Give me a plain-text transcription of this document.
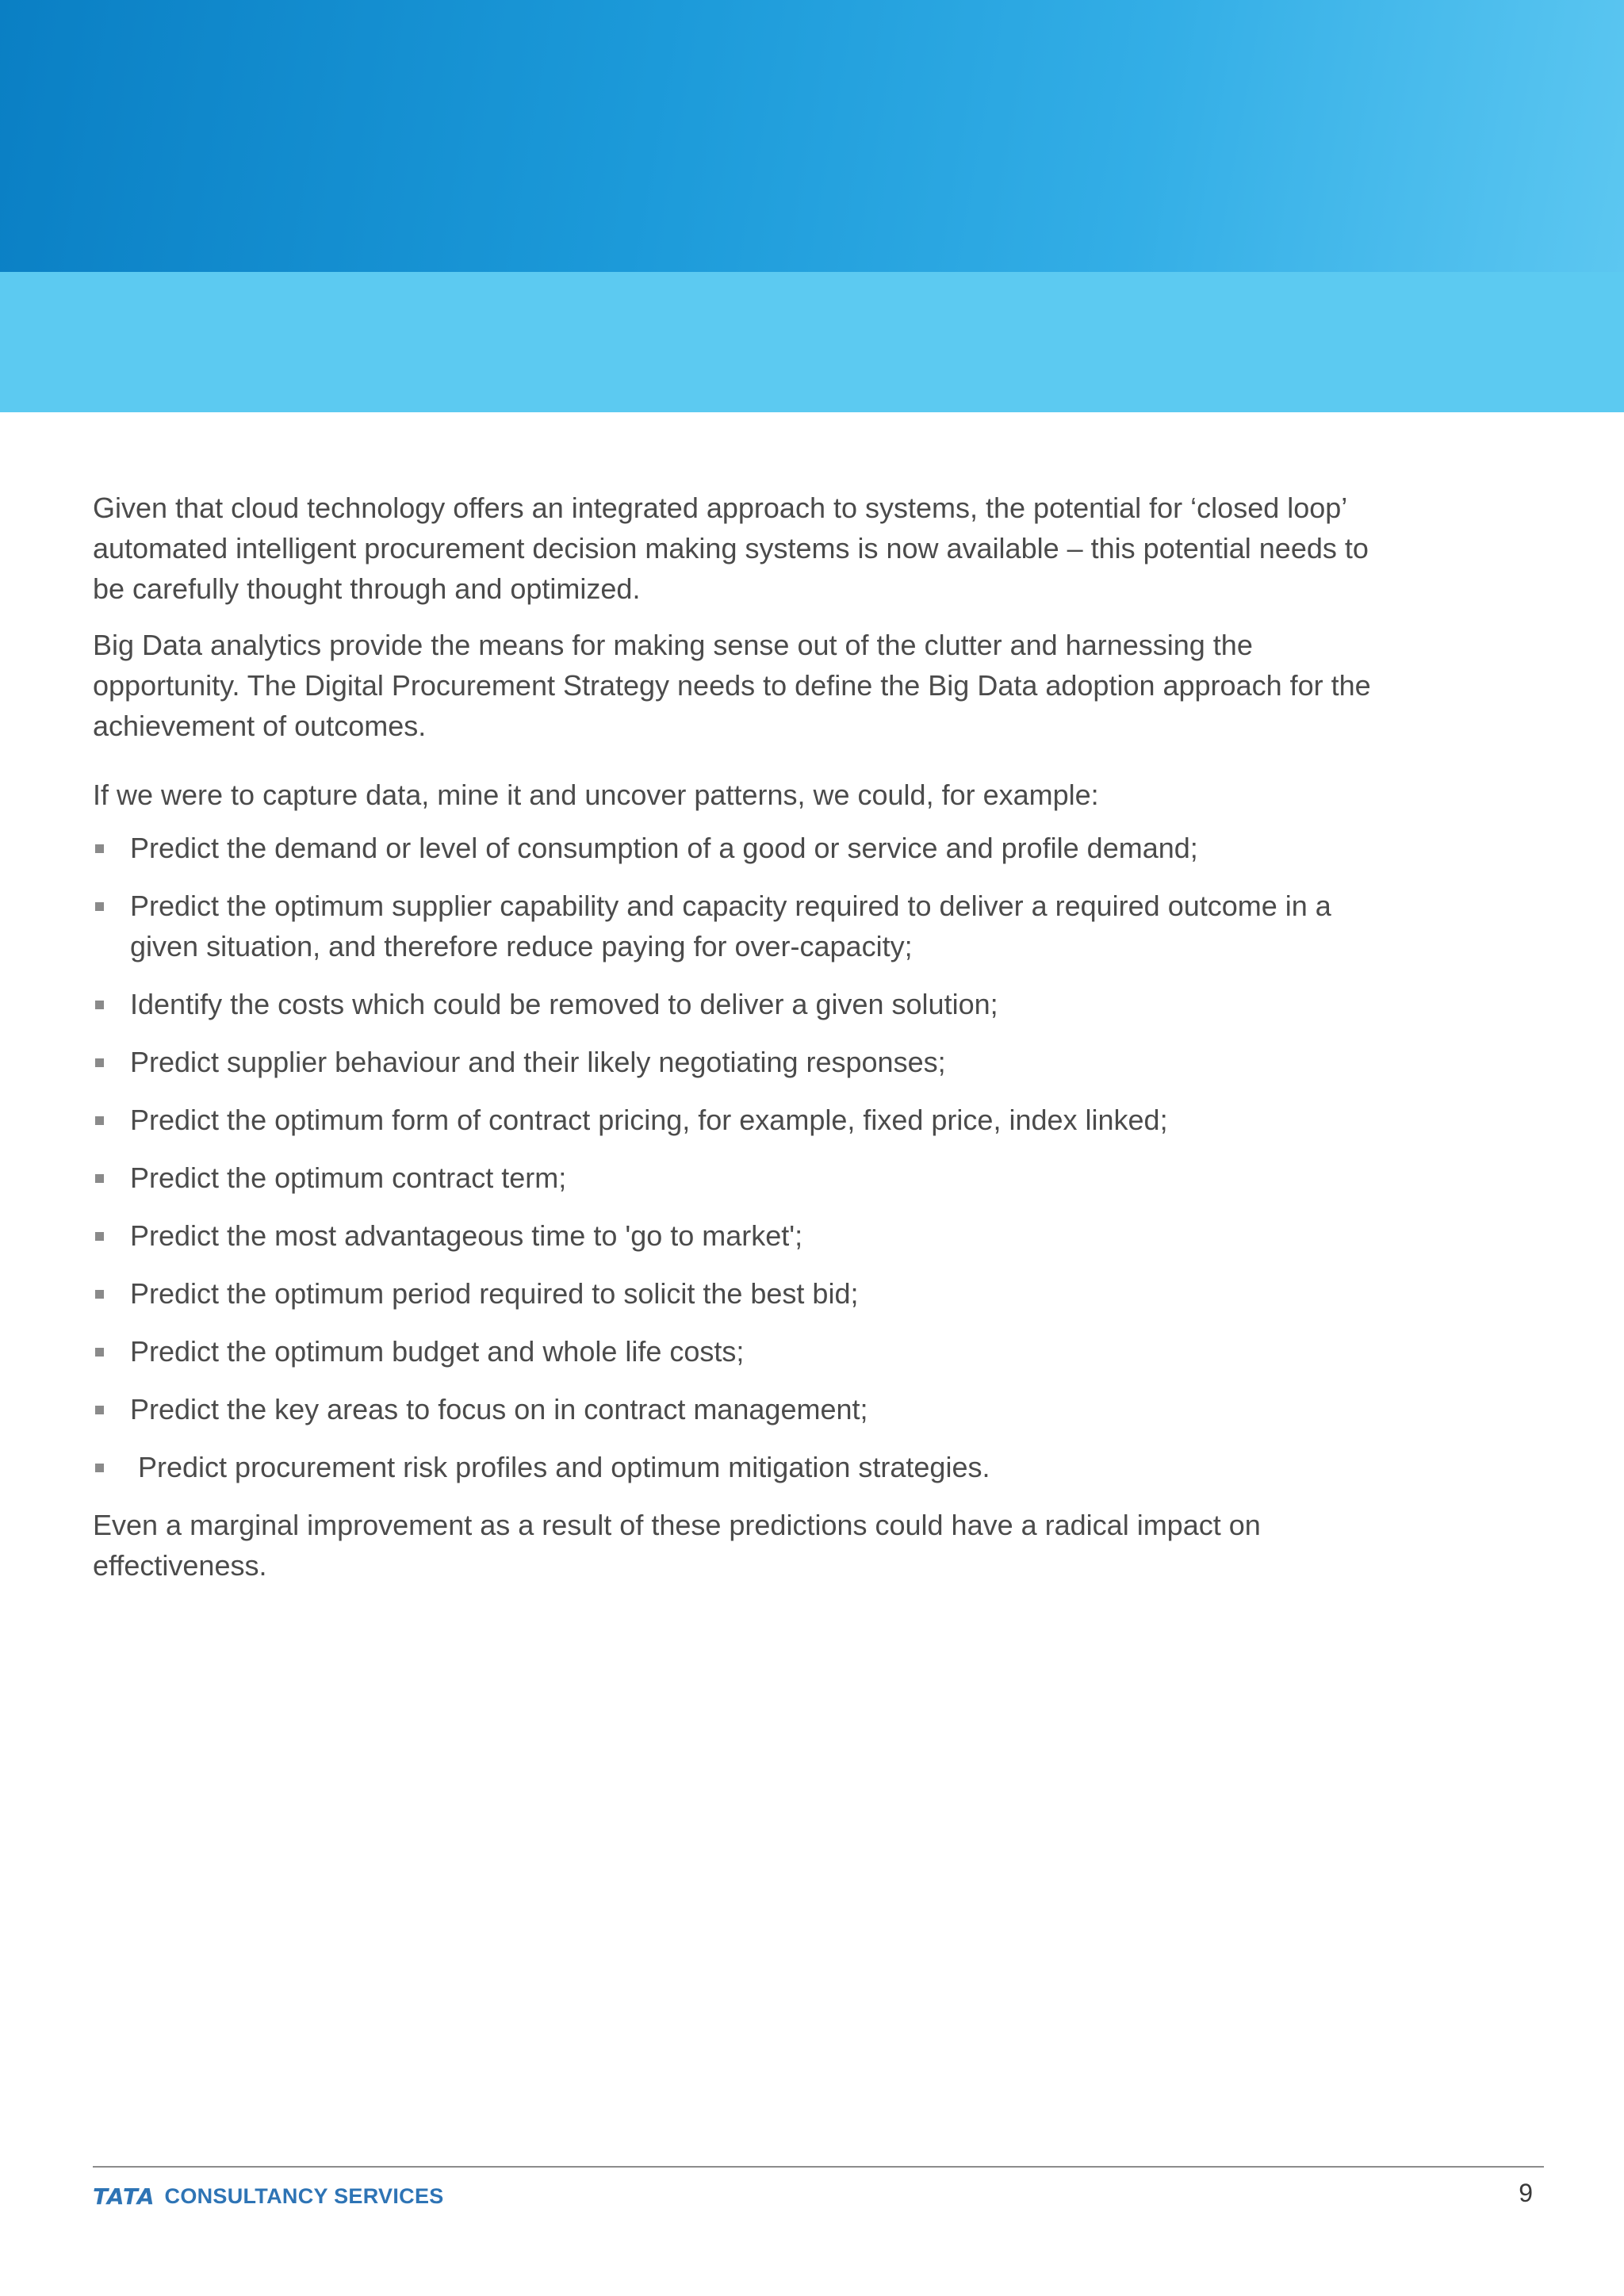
Given that cloud technology offers an integrated approach to systems, the potential for ‘closed loop’ automated intelligent procurement decision making systems is now available – this potential needs to be carefully thought through and optimized.

Big Data analytics provide the means for making sense out of the clutter and harnessing the opportunity. The Digital Procurement Strategy needs to define the Big Data adoption approach for the achievement of outcomes.

If we were to capture data, mine it and uncover patterns, we could, for example:

Predict the demand or level of consumption of a good or service and profile demand;
Predict the optimum supplier capability and capacity required to deliver a required outcome in a given situation, and therefore reduce paying for over-capacity;
Identify the costs which could be removed to deliver a given solution;
Predict supplier behaviour and their likely negotiating responses;
Predict the optimum form of contract pricing, for example, fixed price, index linked;
Predict the optimum contract term;
Predict the most advantageous time to 'go to market';
Predict the optimum period required to solicit the best bid;
Predict the optimum budget and whole life costs;
Predict the key areas to focus on in contract management;
Predict procurement risk profiles and optimum mitigation strategies.

Even a marginal improvement as a result of these predictions could have a radical impact on effectiveness.

TATA CONSULTANCY SERVICES	9
